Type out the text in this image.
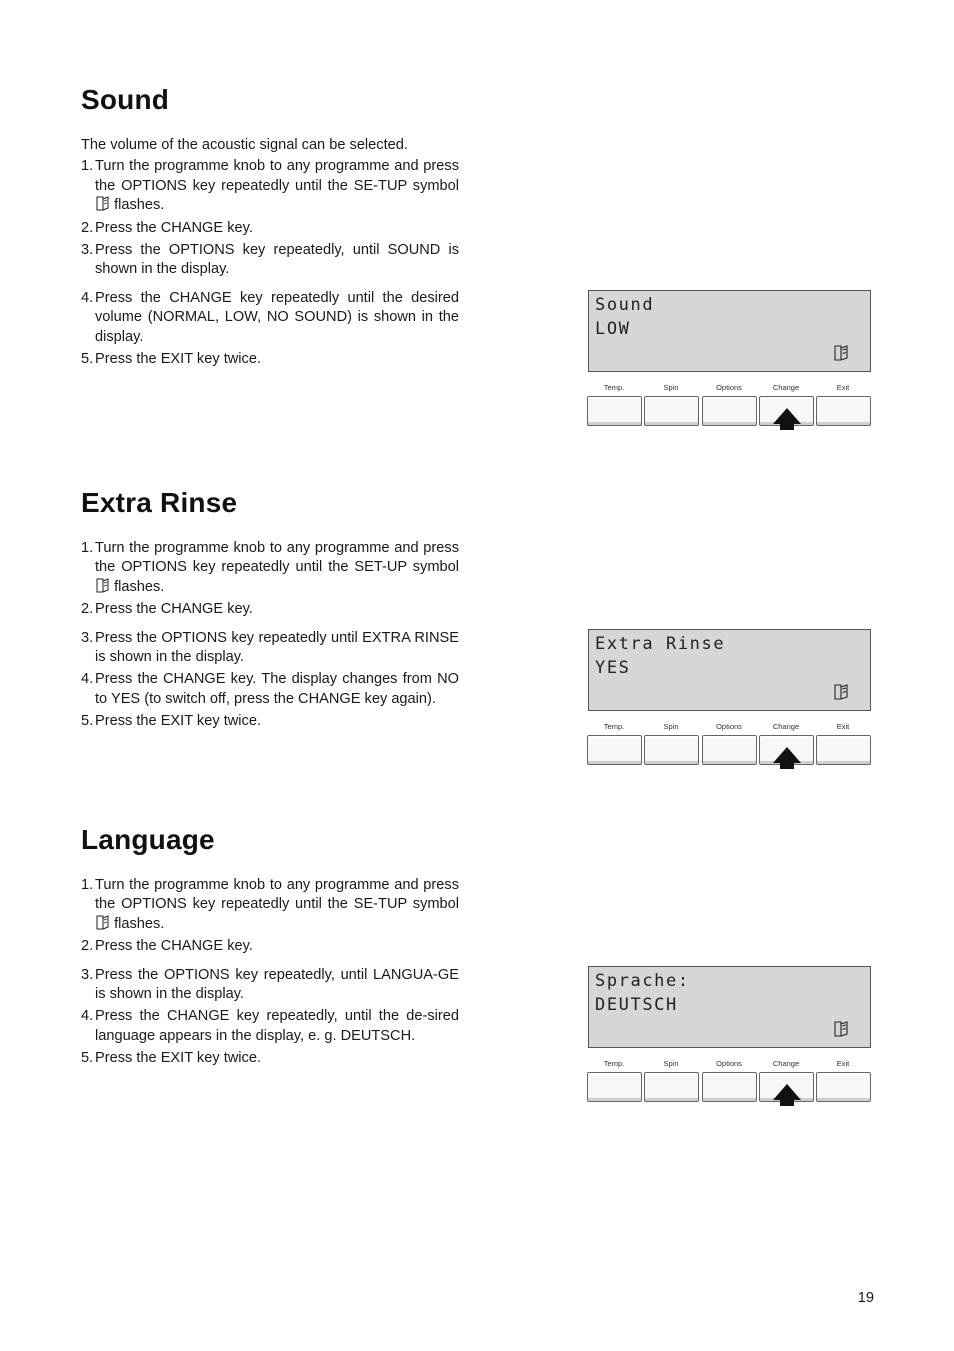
Sound

The volume of the acoustic signal can be selected.

1. Turn the programme knob to any programme and press the OPTIONS key repeatedly until the SE-TUP symbol  flashes.
2. Press the CHANGE key.
3. Press the OPTIONS key repeatedly, until SOUND is shown in the display.
4. Press the CHANGE key repeatedly until the desired volume (NORMAL, LOW, NO SOUND) is shown in the display.
5. Press the EXIT key twice.
Sound
LOW
Temp.	Spin	Options	Change	Exit
Extra Rinse
1. Turn the programme knob to any programme and press the OPTIONS key repeatedly until the SET-UP symbol  flashes.
2. Press the CHANGE key.
3. Press the OPTIONS key repeatedly until EXTRA RINSE is shown in the display.
4. Press the CHANGE key. The display changes from NO to YES (to switch off, press the CHANGE key again).
5. Press the EXIT key twice.
Extra Rinse
YES
Temp.	Spin	Options	Change	Exit
Language
1. Turn the programme knob to any programme and press the OPTIONS key repeatedly until the SE-TUP symbol  flashes.
2. Press the CHANGE key.
3. Press the OPTIONS key repeatedly, until LANGUA-GE is shown in the display.
4. Press the CHANGE key repeatedly, until the de-sired language appears in the display, e. g. DEUTSCH.
5. Press the EXIT key twice.
Sprache:
DEUTSCH
Temp.	Spin	Options	Change	Exit
19
